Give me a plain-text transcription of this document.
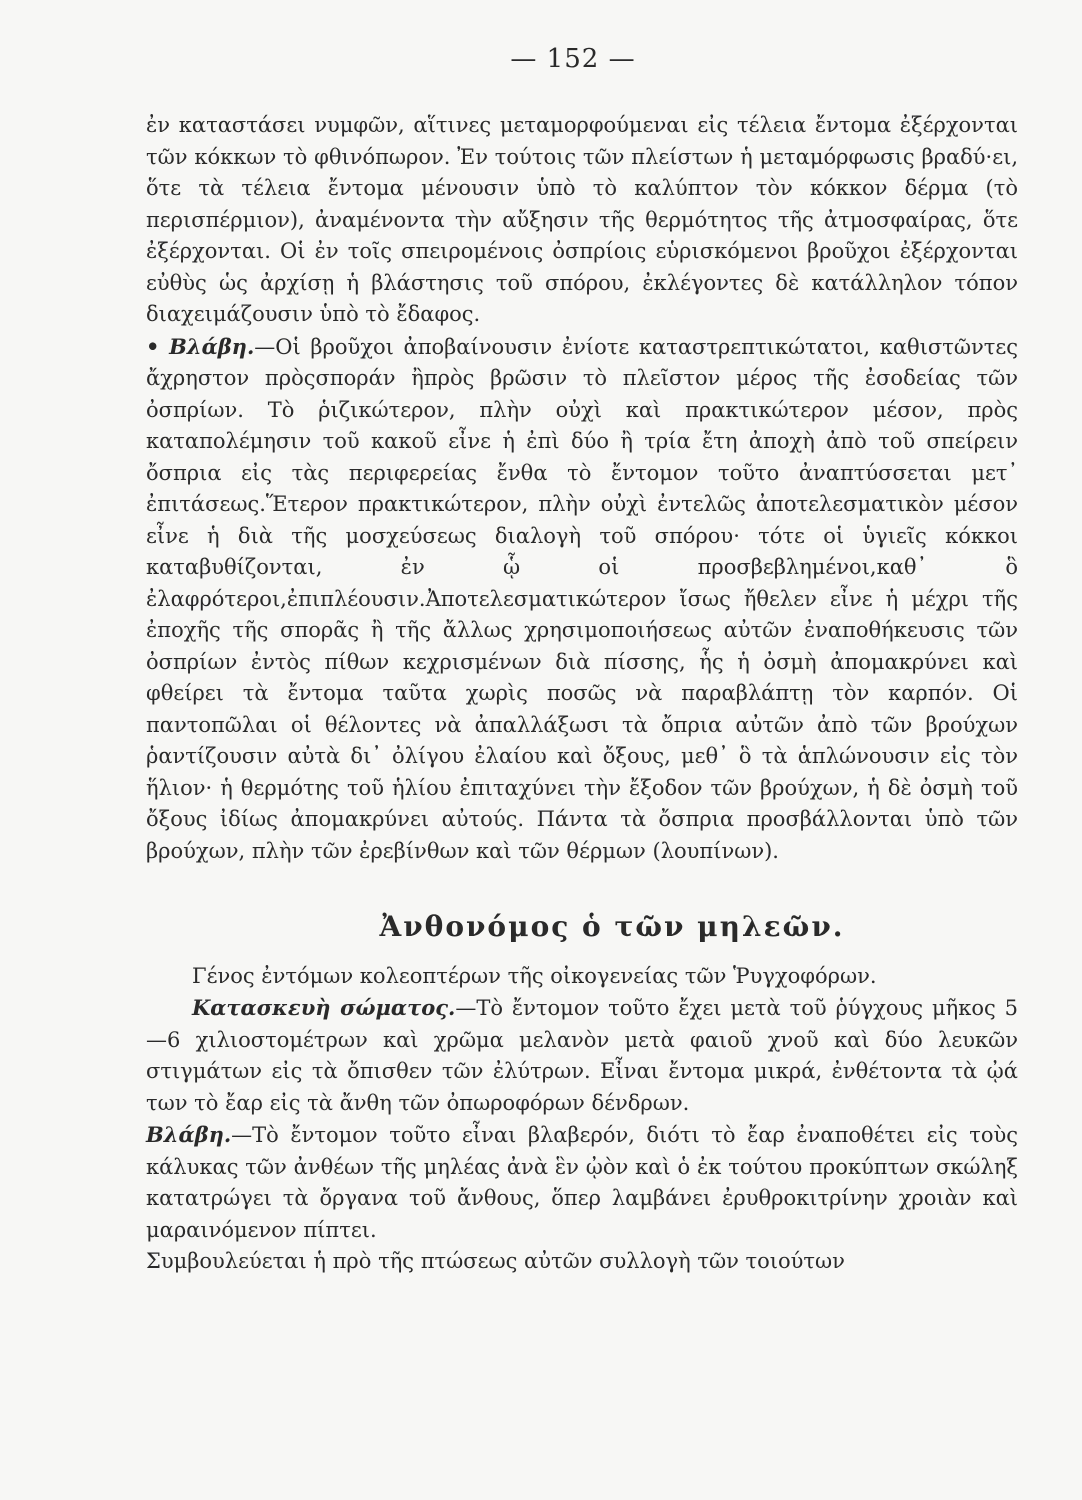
— 152 —

ἐν καταστάσει νυμφῶν, αἵτινες μεταμορφούμεναι εἰς τέλεια ἔντομα ἐξέρχονται τῶν κόκκων τὸ φθινόπωρον. Ἐν τούτοις τῶν πλείστων ἡ μεταμόρφωσις βραδύ·ει, ὅτε τὰ τέλεια ἔντομα μένουσιν ὑπὸ τὸ καλύπτον τὸν κόκκον δέρμα (τὸ περισπέρμιον), ἀναμένοντα τὴν αὔξησιν τῆς θερμότητος τῆς ἀτμοσφαίρας, ὅτε ἐξέρχονται. Οἱ ἐν τοῖς σπειρομένοις ὀσπρίοις εὑρισκόμενοι βροῦχοι ἐξέρχονται εὐθὺς ὡς ἀρχίσῃ ἡ βλάστησις τοῦ σπόρου, ἐκλέγοντες δὲ κατάλληλον τόπον διαχειμάζουσιν ὑπὸ τὸ ἔδαφος.

• Βλάβη.—Οἱ βροῦχοι ἀποβαίνουσιν ἐνίοτε καταστρεπτικώτατοι, καθιστῶντες ἄχρηστον πρὸςσποράν ἢπρὸς βρῶσιν τὸ πλεῖστον μέρος τῆς ἐσοδείας τῶν ὀσπρίων. Τὸ ῥιζικώτερον, πλὴν οὐχὶ καὶ πρακτικώτερον μέσον, πρὸς καταπολέμησιν τοῦ κακοῦ εἶνε ἡ ἐπὶ δύο ἢ τρία ἔτη ἀποχὴ ἀπὸ τοῦ σπείρειν ὄσπρια εἰς τὰς περιφερείας ἔνθα τὸ ἔντομον τοῦτο ἀναπτύσσεται μετ᾽ ἐπιτάσεως.Ἕτερον πρακτικώτερον, πλὴν οὐχὶ ἐντελῶς ἀποτελεσματικὸν μέσον εἶνε ἡ διὰ τῆς μοσχεύσεως διαλογὴ τοῦ σπόρου· τότε οἱ ὑγιεῖς κόκκοι καταβυθίζονται, ἐν ᾧ οἱ προσβεβλημένοι,καθ᾽ ὃ ἐλαφρότεροι,ἐπιπλέουσιν.Ἀποτελεσματικώτερον ἴσως ἤθελεν εἶνε ἡ μέχρι τῆς ἐποχῆς τῆς σπορᾶς ἢ τῆς ἄλλως χρησιμοποιήσεως αὐτῶν ἐναποθήκευσις τῶν ὀσπρίων ἐντὸς πίθων κεχρισμένων διὰ πίσσης, ἧς ἡ ὀσμὴ ἀπομακρύνει καὶ φθείρει τὰ ἔντομα ταῦτα χωρὶς ποσῶς νὰ παραβλάπτῃ τὸν καρπόν. Οἱ παντοπῶλαι οἱ θέλοντες νὰ ἀπαλλάξωσι τὰ ὄπρια αὐτῶν ἀπὸ τῶν βρούχων ῥαντίζουσιν αὐτὰ δι᾽ ὀλίγου ἐλαίου καὶ ὄξους, μεθ᾽ ὃ τὰ ἁπλώνουσιν εἰς τὸν ἥλιον· ἡ θερμότης τοῦ ἡλίου ἐπιταχύνει τὴν ἔξοδον τῶν βρούχων, ἡ δὲ ὀσμὴ τοῦ ὄξους ἰδίως ἀπομακρύνει αὐτούς. Πάντα τὰ ὄσπρια προσβάλλονται ὑπὸ τῶν βρούχων, πλὴν τῶν ἐρεβίνθων καὶ τῶν θέρμων (λουπίνων).

Ἀνθονόμος ὁ τῶν μηλεῶν.

Γένος ἐντόμων κολεοπτέρων τῆς οἰκογενείας τῶν Ῥυγχοφόρων.

Κατασκευὴ σώματος.—Τὸ ἔντομον τοῦτο ἔχει μετὰ τοῦ ῥύγχους μῆκος 5—6 χιλιοστομέτρων καὶ χρῶμα μελανὸν μετὰ φαιοῦ χνοῦ καὶ δύο λευκῶν στιγμάτων εἰς τὰ ὄπισθεν τῶν ἐλύτρων. Εἶναι ἔντομα μικρά, ἐνθέτοντα τὰ ᾠά των τὸ ἔαρ εἰς τὰ ἄνθη τῶν ὀπωροφόρων δένδρων.

Βλάβη.—Τὸ ἔντομον τοῦτο εἶναι βλαβερόν, διότι τὸ ἔαρ ἐναποθέτει εἰς τοὺς κάλυκας τῶν ἀνθέων τῆς μηλέας ἀνὰ ἓν ᾠὸν καὶ ὁ ἐκ τούτου προκύπτων σκώληξ κατατρώγει τὰ ὄργανα τοῦ ἄνθους, ὅπερ λαμβάνει ἐρυθροκιτρίνην χροιὰν καὶ μαραινόμενον πίπτει.

Συμβουλεύεται ἡ πρὸ τῆς πτώσεως αὐτῶν συλλογὴ τῶν τοιούτων
